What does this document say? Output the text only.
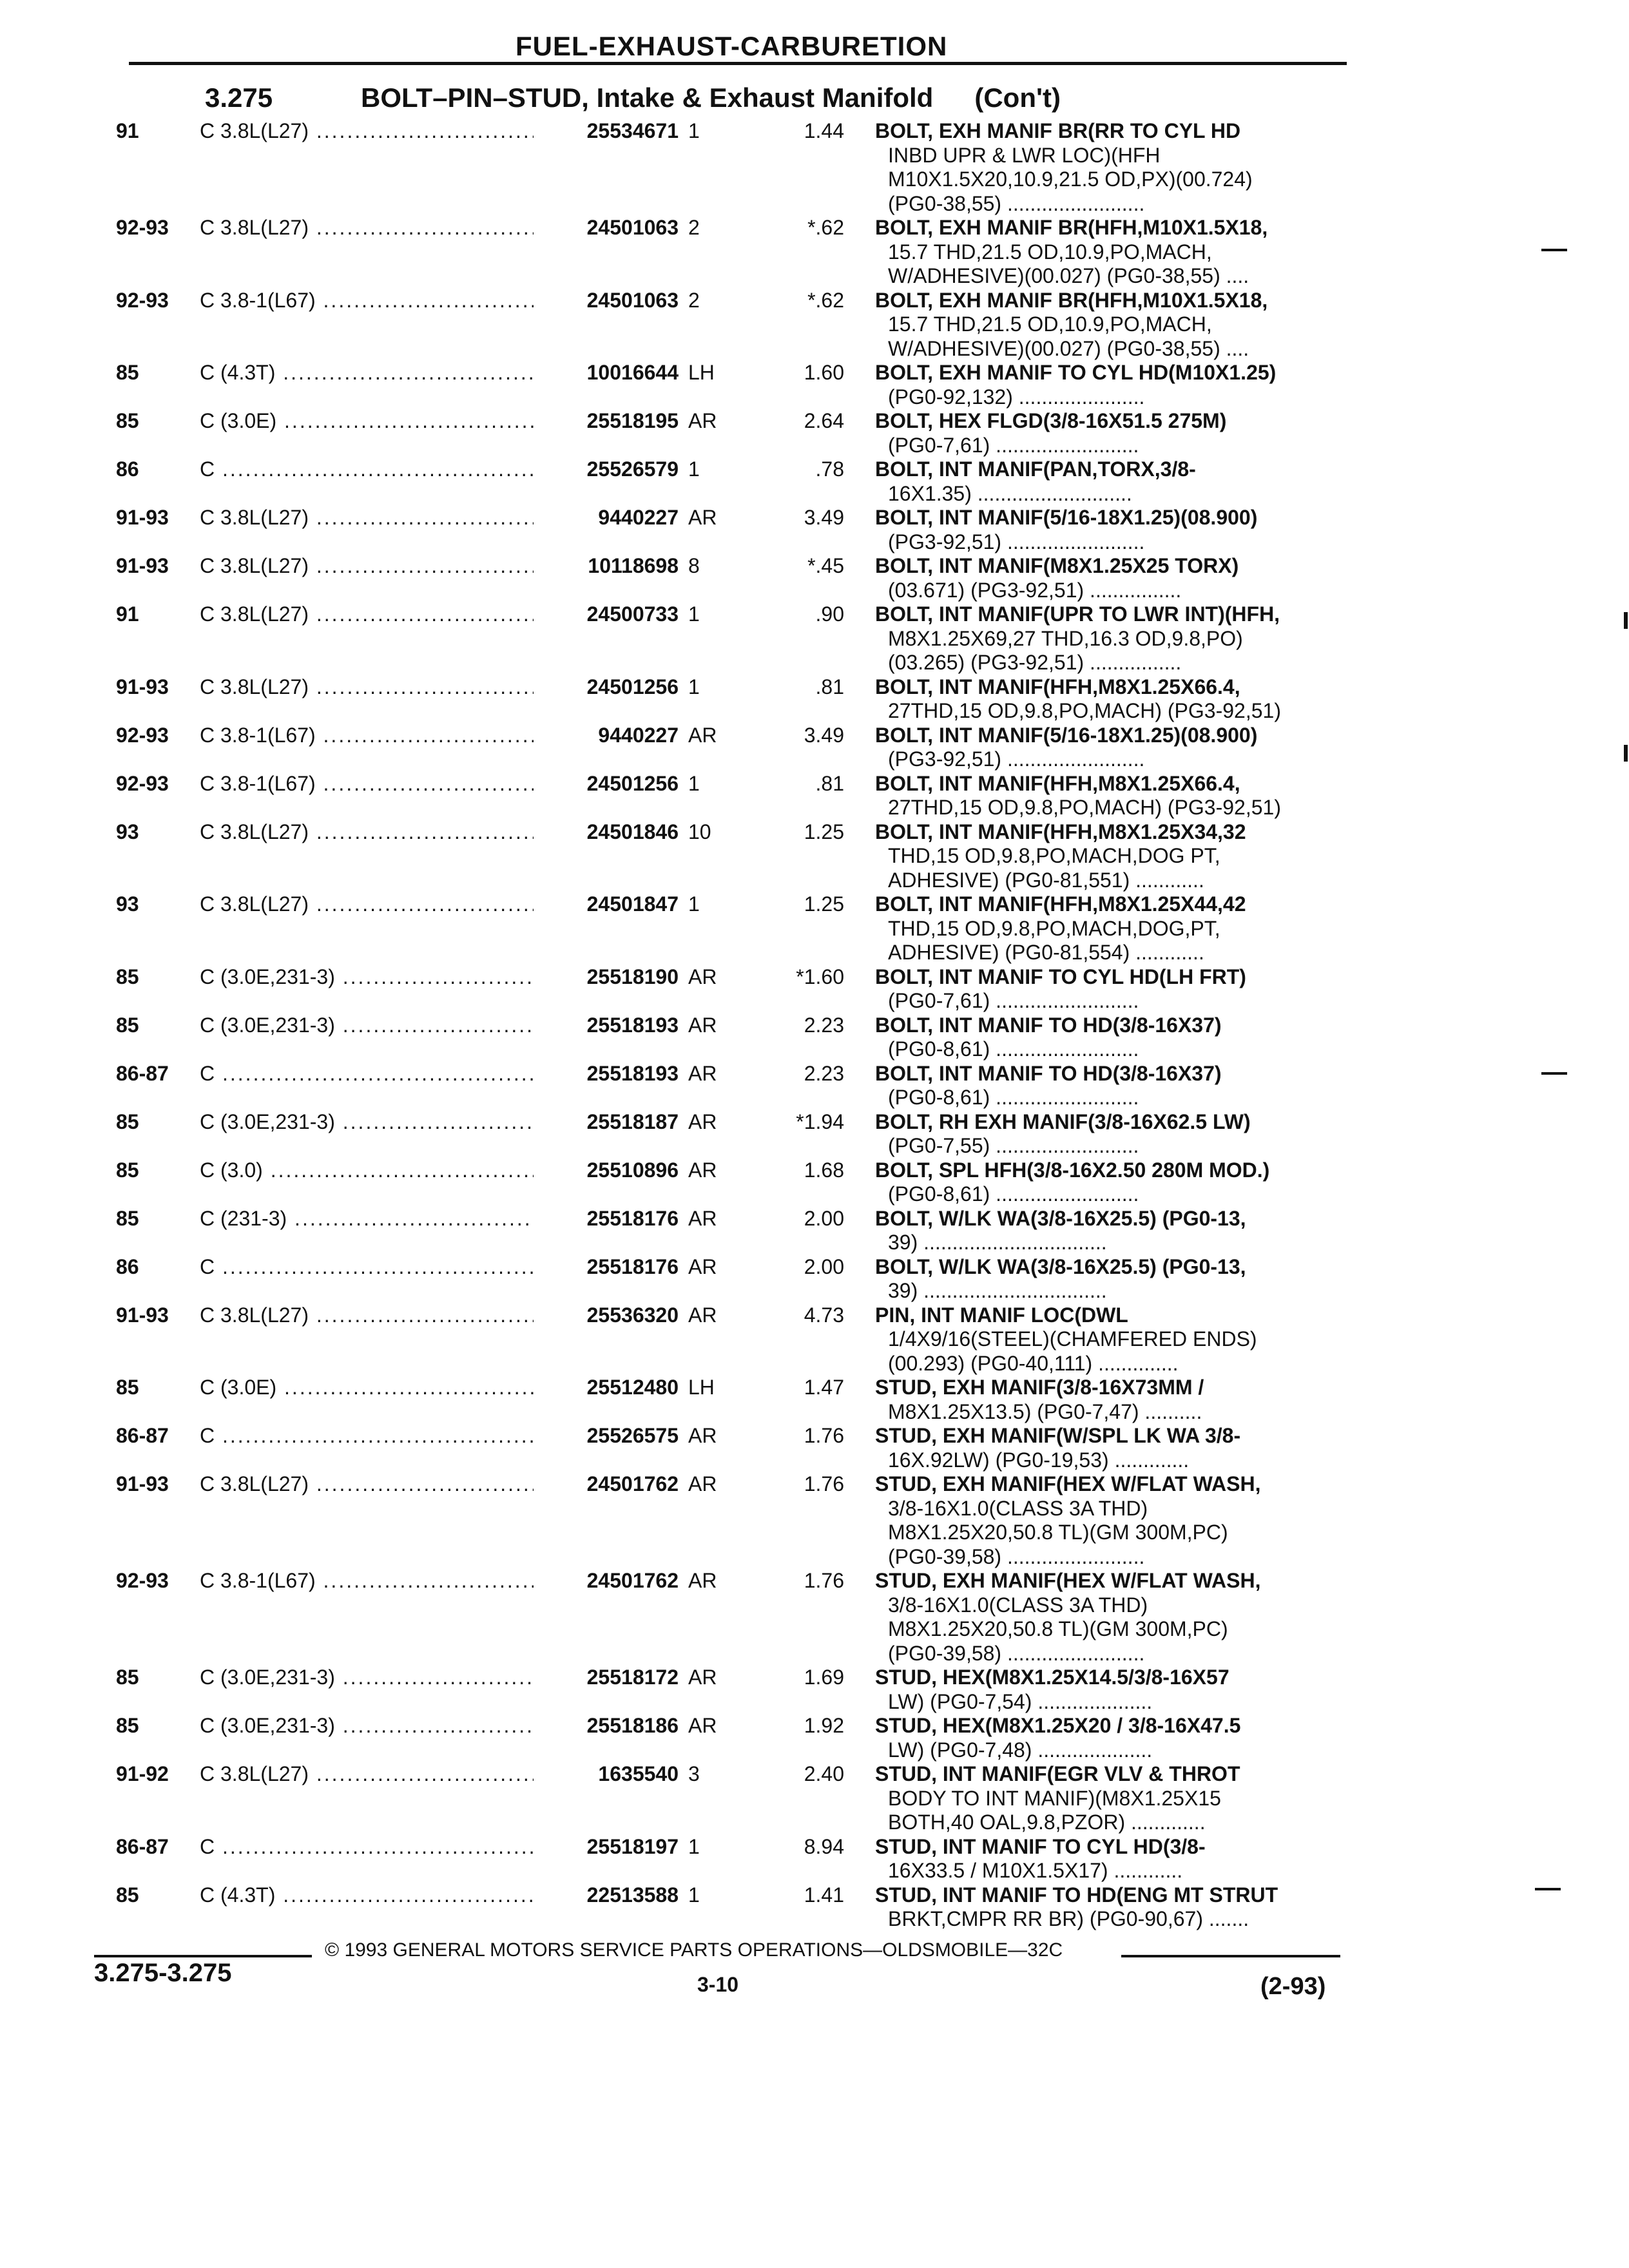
FUEL-EXHAUST-CARBURETION
3.275	BOLT–PIN–STUD, Intake & Exhaust Manifold (Con't)
91	C 3.8L(L27) .....	25534671 1	1.44 BOLT, EXH MANIF BR(RR TO CYL HD
INBD UPR & LWR LOC)(HFH
M10X1.5X20,10.9,21.5 OD,PX)(00.724)
(PG0-38,55) ........................
92-93 C 3.8L(L27) .....	24501063 2	*.62 BOLT, EXH MANIF BR(HFH,M10X1.5X18,
15.7 THD,21.5 OD,10.9,PO,MACH,
W/ADHESIVE)(00.027) (PG0-38,55) ....
92-93 C 3.8-1(L67) .....	24501063 2	*.62 BOLT, EXH MANIF BR(HFH,M10X1.5X18,
15.7 THD,21.5 OD,10.9,PO,MACH,
W/ADHESIVE)(00.027) (PG0-38,55) ....
85	C (4.3T) .....	10016644 LH	1.60 BOLT, EXH MANIF TO CYL HD(M10X1.25)
(PG0-92,132) ......................
85	C (3.0E) .....	25518195 AR	2.64 BOLT, HEX FLGD(3/8-16X51.5 275M)
(PG0-7,61) .........................
86	C .....	25526579 1	.78 BOLT, INT MANIF(PAN,TORX,3/8-
16X1.35) ...........................
91-93 C 3.8L(L27) .....	9440227 AR	3.49 BOLT, INT MANIF(5/16-18X1.25)(08.900)
(PG3-92,51) ........................
91-93 C 3.8L(L27) .....	10118698 8	*.45 BOLT, INT MANIF(M8X1.25X25 TORX)
(03.671) (PG3-92,51) ................
91	C 3.8L(L27) .....	24500733 1	.90 BOLT, INT MANIF(UPR TO LWR INT)(HFH,
M8X1.25X69,27 THD,16.3 OD,9.8,PO)
(03.265) (PG3-92,51) ................
91-93 C 3.8L(L27) .....	24501256 1	.81 BOLT, INT MANIF(HFH,M8X1.25X66.4,
27THD,15 OD,9.8,PO,MACH) (PG3-92,51)
92-93 C 3.8-1(L67) .....	9440227 AR	3.49 BOLT, INT MANIF(5/16-18X1.25)(08.900)
(PG3-92,51) ........................
92-93 C 3.8-1(L67) .....	24501256 1	.81 BOLT, INT MANIF(HFH,M8X1.25X66.4,
27THD,15 OD,9.8,PO,MACH) (PG3-92,51)
93	C 3.8L(L27) .....	24501846 10	1.25 BOLT, INT MANIF(HFH,M8X1.25X34,32
THD,15 OD,9.8,PO,MACH,DOG PT,
ADHESIVE) (PG0-81,551) ............
93	C 3.8L(L27) .....	24501847 1	1.25 BOLT, INT MANIF(HFH,M8X1.25X44,42
THD,15 OD,9.8,PO,MACH,DOG,PT,
ADHESIVE) (PG0-81,554) ............
85	C (3.0E,231-3) .....	25518190 AR	*1.60 BOLT, INT MANIF TO CYL HD(LH FRT)
(PG0-7,61) .........................
85	C (3.0E,231-3) .....	25518193 AR	2.23 BOLT, INT MANIF TO HD(3/8-16X37)
(PG0-8,61) .........................
86-87 C .....	25518193 AR	2.23 BOLT, INT MANIF TO HD(3/8-16X37)
(PG0-8,61) .........................
85	C (3.0E,231-3) .....	25518187 AR	*1.94 BOLT, RH EXH MANIF(3/8-16X62.5 LW)
(PG0-7,55) .........................
85	C (3.0) .....	25510896 AR	1.68 BOLT, SPL HFH(3/8-16X2.50 280M MOD.)
(PG0-8,61) .........................
85	C (231-3) .....	25518176 AR	2.00 BOLT, W/LK WA(3/8-16X25.5) (PG0-13,
39) ................................
86	C .....	25518176 AR	2.00 BOLT, W/LK WA(3/8-16X25.5) (PG0-13,
39) ................................
91-93 C 3.8L(L27) .....	25536320 AR	4.73 PIN, INT MANIF LOC(DWL
1/4X9/16(STEEL)(CHAMFERED ENDS)
(00.293) (PG0-40,111) ..............
85	C (3.0E) .....	25512480 LH	1.47 STUD, EXH MANIF(3/8-16X73MM /
M8X1.25X13.5) (PG0-7,47) ..........
86-87 C .....	25526575 AR	1.76 STUD, EXH MANIF(W/SPL LK WA 3/8-
16X.92LW) (PG0-19,53) .............
91-93 C 3.8L(L27) .....	24501762 AR	1.76 STUD, EXH MANIF(HEX W/FLAT WASH,
3/8-16X1.0(CLASS 3A THD)
M8X1.25X20,50.8 TL)(GM 300M,PC)
(PG0-39,58) ........................
92-93 C 3.8-1(L67) .....	24501762 AR	1.76 STUD, EXH MANIF(HEX W/FLAT WASH,
3/8-16X1.0(CLASS 3A THD)
M8X1.25X20,50.8 TL)(GM 300M,PC)
(PG0-39,58) ........................
85	C (3.0E,231-3) .....	25518172 AR	1.69 STUD, HEX(M8X1.25X14.5/3/8-16X57
LW) (PG0-7,54) ....................
85	C (3.0E,231-3) .....	25518186 AR	1.92 STUD, HEX(M8X1.25X20 / 3/8-16X47.5
LW) (PG0-7,48) ....................
91-92 C 3.8L(L27) .....	1635540 3	2.40 STUD, INT MANIF(EGR VLV & THROT
BODY TO INT MANIF)(M8X1.25X15
BOTH,40 OAL,9.8,PZOR) .............
86-87 C .....	25518197 1	8.94 STUD, INT MANIF TO CYL HD(3/8-
16X33.5 / M10X1.5X17) ............
85	C (4.3T) .....	22513588 1	1.41 STUD, INT MANIF TO HD(ENG MT STRUT
BRKT,CMPR RR BR) (PG0-90,67) .......
© 1993 GENERAL MOTORS SERVICE PARTS OPERATIONS—OLDSMOBILE—32C
3.275-3.275	3-10	(2-93)
